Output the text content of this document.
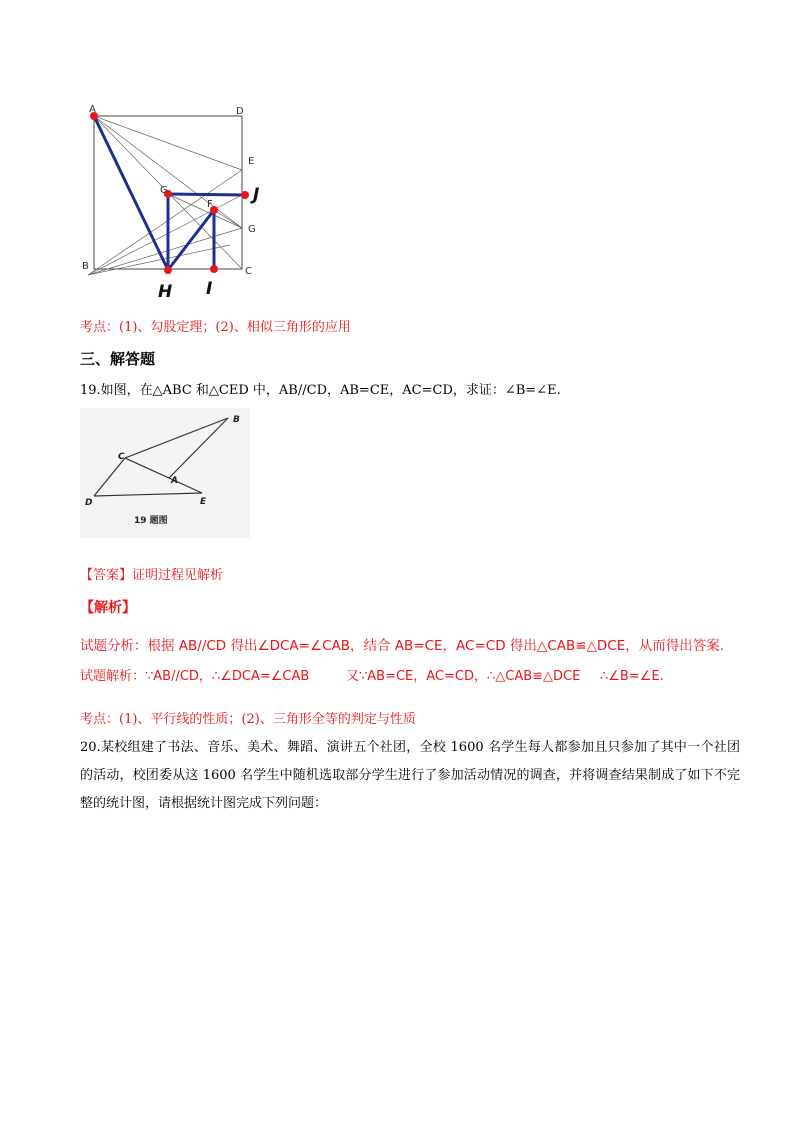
A	D
E
G
F
G
B	C
J
H I
考点：(1)、勾股定理；(2)、相似三角形的应用
三、解答题
19.如图，在△ABC 和△CED 中，AB//CD，AB=CE，AC=CD，求证：∠B=∠E.
B
C
A
D	E
19 题图
【答案】证明过程见解析
【解析】
试题分析：根据 AB//CD 得出∠DCA=∠CAB，结合 AB=CE，AC=CD 得出△CAB≌△DCE，从而得出答案.
试题解析：∵AB//CD，∴∠DCA=∠CAB	又∵AB=CE，AC=CD，∴△CAB≌△DCE ∴∠B=∠E.
考点：(1)、平行线的性质；(2)、三角形全等的判定与性质
20.某校组建了书法、音乐、美术、舞蹈、演讲五个社团，全校 1600 名学生每人都参加且只参加了其中一个社团的活动，校团委从这 1600 名学生中随机选取部分学生进行了参加活动情况的调查，并将调查结果制成了如下不完整的统计图，请根据统计图完成下列问题：
